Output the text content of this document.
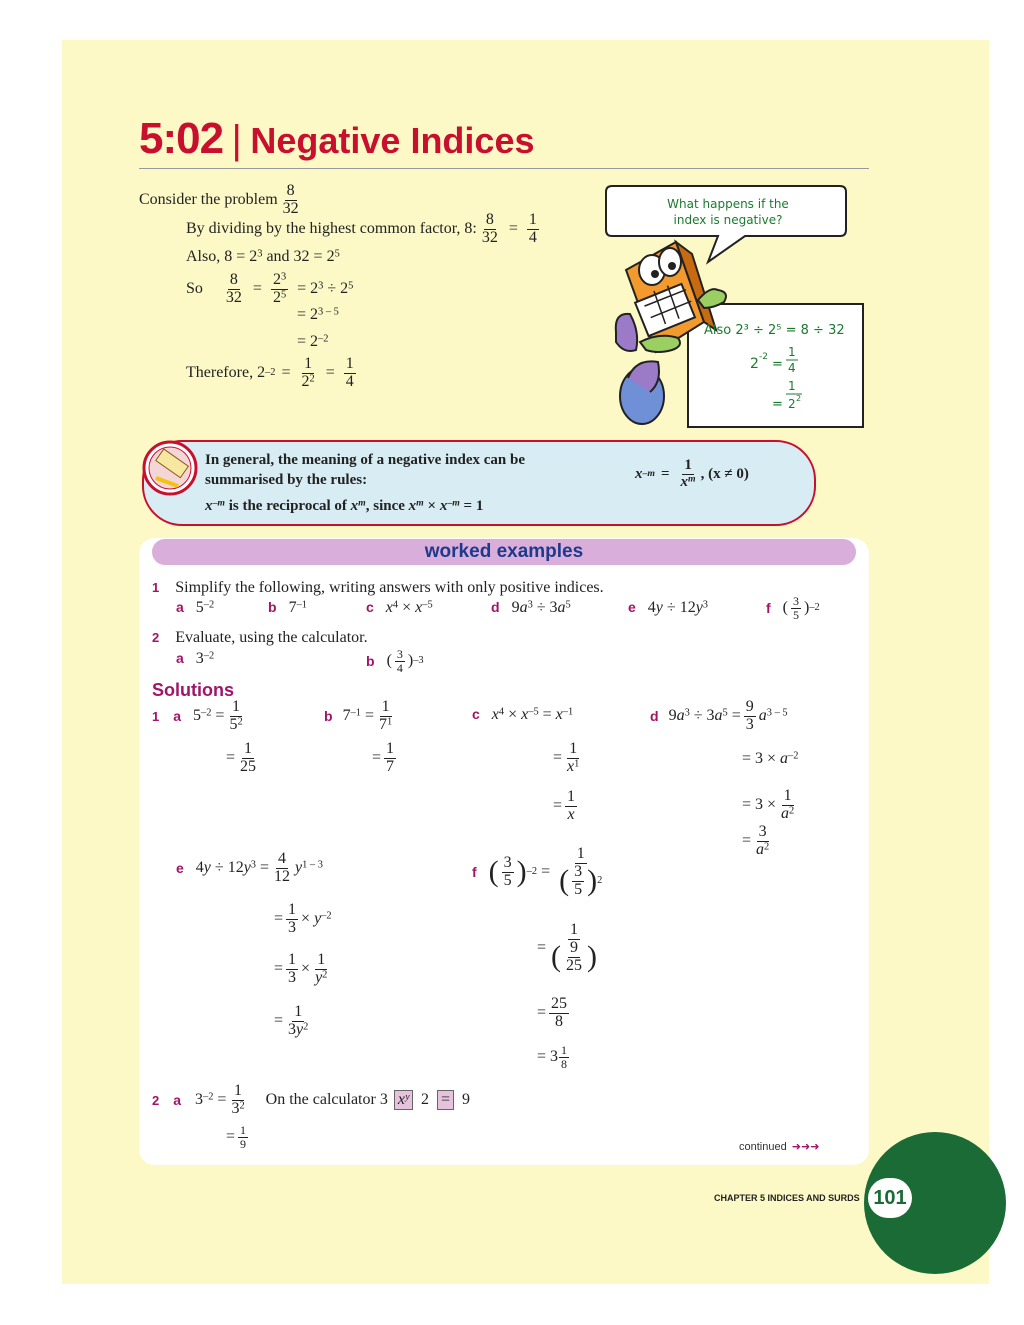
5:02 | Negative Indices
Consider the problem $\frac{8}{32}$
By dividing by the highest common factor, 8: $\frac{8}{32} = \frac{1}{4}$
Also, $8 = 2^3$ and $32 = 2^5$
So $\frac{8}{32} = \frac{2^3}{2^5} = 2^3 \div 2^5$
= $2^{3 - 5}$
= $2^{-2}$
Therefore, 2 $-2 = \frac{1}{2^2} = \frac{1}{4}$
What happens if the
index is negative?
Also 2³ ÷ 2⁵ = 8 ÷ 32
2 -2 =
1
4
1
= 2 2
In general, the meaning of a negative index can be
summarised by the rules:
$x^{-m}$ is the reciprocal of $x^m$, since $x^m \times x^{-m} = 1$
x $-m = \frac{1}{x^m}$ , (x ≠ 0)
worked examples
1 Simplify the following, writing answers with only positive indices.
a   $5^{-2}$	b   $7^{-1}$	c $x^4 \times x^{-5}$	d   $9a^3 \div 3a^5$	e   $4y \div 12y^3$	f ( $\frac{3}{5}$ ) –2
2 Evaluate, using the calculator.
a   $3^{-2}$	b ( $\frac{3}{4}$ ) –3
Solutions
1 a $5^{-2} = \frac{1}{5^2}$
= $\frac{1}{25}$
b $7^{-1} = \frac{1}{7^1}$
= $\frac{1}{7}$
c $x^4 \times x^{-5} = x^{-1}$
= $\frac{1}{x^1}$
= $\frac{1}{x}$
d $9a^3 \div 3a^5 = \frac{9}{3} a^{3 - 5}$
= $3 \times a^{-2}$
= $3 \times \frac{1}{a^2}$
= $\frac{3}{a^2}$
e $4y \div 12y^3 = \frac{4}{12} y^{1 - 3}$
= $\frac{1}{3} \times y^{-2}$
= $\frac{1}{3} \times \frac{1}{y^2}$
= $\frac{1}{3y^2}$
f ( $\frac{3}{5}$ ) $-2 = \frac{1}{( \frac{3}{5} ) 2}$
= $\frac{1}{( \frac{9}{25} )}$
= $\frac{25}{8}$
= $3 \frac{1}{8}$
2 a $3^{-2} = \frac{1}{3^2}$ On the calculator 3 xʸ 2 = 9
= $\frac{1}{9}$	continued ➜➜➜
CHAPTER 5 INDICES AND SURDS 101
